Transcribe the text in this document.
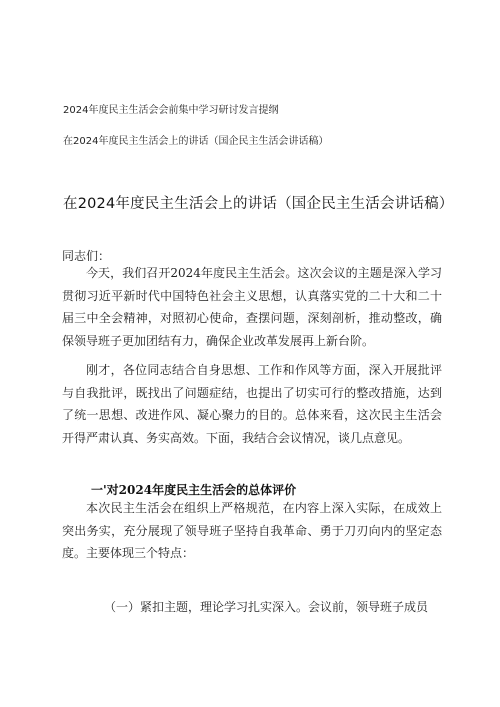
2024年度民主生活会会前集中学习研讨发言提纲
在2024年度民主生活会上的讲话（国企民主生活会讲话稿）
在2024年度民主生活会上的讲话（国企民主生活会讲话稿）
同志们：
今天，我们召开2024年度民主生活会。这次会议的主题是深入学习贯彻习近平新时代中国特色社会主义思想，认真落实党的二十大和二十届三中全会精神，对照初心使命，查摆问题，深刻剖析，推动整改，确保领导班子更加团结有力，确保企业改革发展再上新台阶。
刚才，各位同志结合自身思想、工作和作风等方面，深入开展批评与自我批评，既找出了问题症结，也提出了切实可行的整改措施，达到了统一思想、改进作风、凝心聚力的目的。总体来看，这次民主生活会开得严肃认真、务实高效。下面，我结合会议情况，谈几点意见。
一'对2024年度民主生活会的总体评价
本次民主生活会在组织上严格规范，在内容上深入实际，在成效上突出务实，充分展现了领导班子坚持自我革命、勇于刀刃向内的坚定态度。主要体现三个特点：
（一）紧扣主题，理论学习扎实深入。会议前，领导班子成员
